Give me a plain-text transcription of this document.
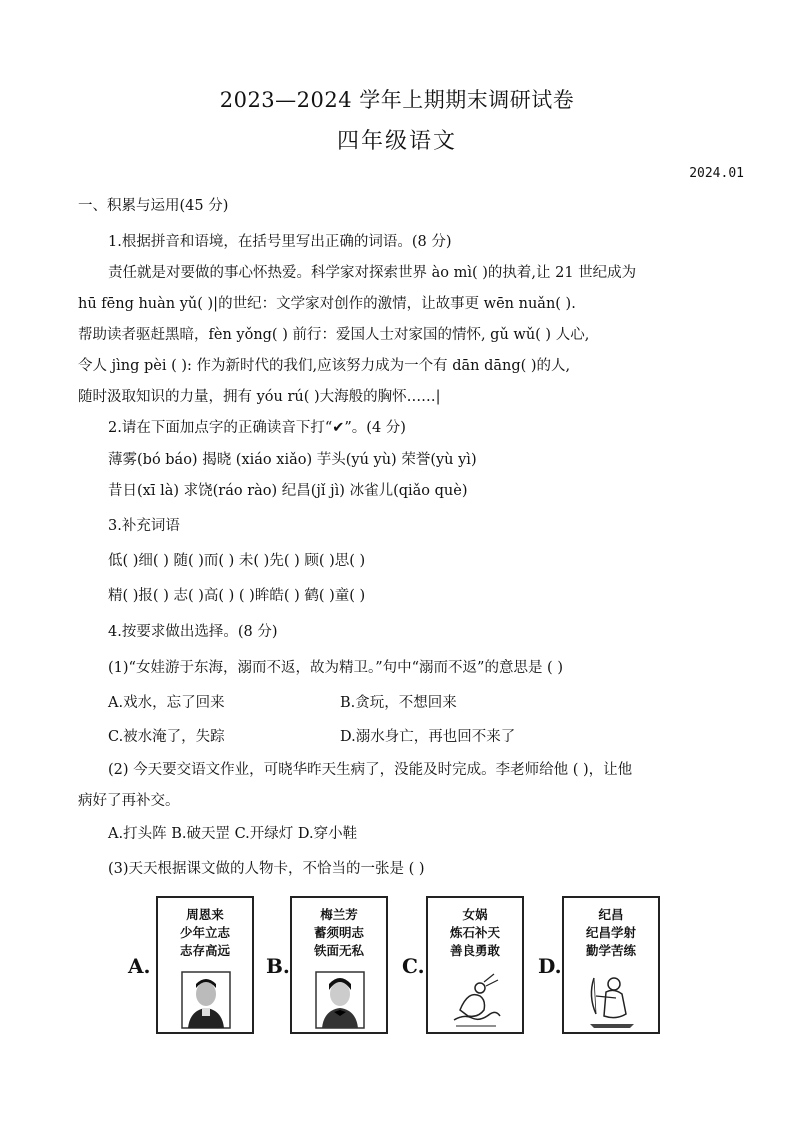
2023—2024 学年上期期末调研试卷
四年级语文
2024.01
一、积累与运用(45 分)
1.根据拼音和语境，在括号里写出正确的词语。(8 分)
责任就是对要做的事心怀热爱。科学家对探索世界 ào mì( )的执着,让 21 世纪成为
hū fēng huàn yǔ( )|的世纪：文学家对创作的激情，让故事更 wēn nuǎn( ).
帮助读者驱赶黑暗，fèn yǒng( ) 前行：爱国人士对家国的情怀, gǔ wǔ( ) 人心,
令人 jìng pèi ( ): 作为新时代的我们,应该努力成为一个有 dān dāng( )的人,
随时汲取知识的力量，拥有 yóu rú( )大海般的胸怀……|
2.请在下面加点字的正确读音下打“✔”。(4 分)
薄雾(bó báo) 揭晓 (xiáo xiǎo) 芋头(yú yù) 荣誉(yù yì)
昔日(xī là) 求饶(ráo rào) 纪昌(jǐ jì) 冰雀儿(qiǎo què)
3.补充词语
低( )细( ) 随( )而( ) 未( )先( ) 顾( )思( )
精( )报( ) 志( )高( ) ( )眸皓( ) 鹤( )童( )
4.按要求做出选择。(8 分)
(1)“女娃游于东海，溺而不返，故为精卫。”句中“溺而不返”的意思是 ( )
A.戏水，忘了回来	B.贪玩，不想回来
C.被水淹了，失踪	D.溺水身亡，再也回不来了
(2) 今天要交语文作业，可晓华昨天生病了，没能及时完成。李老师给他 ( )，让他
病好了再补交。
A.打头阵 B.破天罡 C.开绿灯 D.穿小鞋
(3)天天根据课文做的人物卡，不恰当的一张是 ( )
A.
周恩来
少年立志
志存高远
B.
梅兰芳
蓄须明志
铁面无私
C.
女娲
炼石补天
善良勇敢
D.
纪昌
纪昌学射
勤学苦练
